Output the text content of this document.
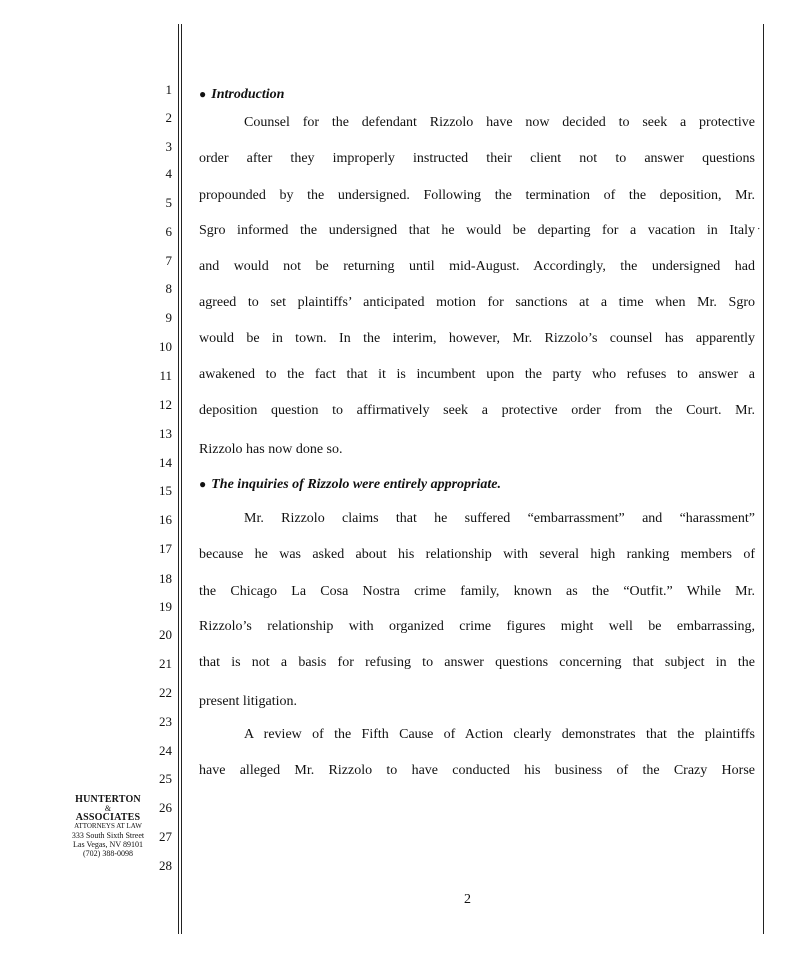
1
2
3
4
5
6
7
8
9
10
11
12
13
14
15
16
17
18
19
20
21
22
23
24
25
26
27
28
● Introduction
Counsel for the defendant Rizzolo have now decided to seek a protective
order after they improperly instructed their client not to answer questions
propounded by the undersigned. Following the termination of the deposition, Mr.
Sgro informed the undersigned that he would be departing for a vacation in Italy
and would not be returning until mid-August. Accordingly, the undersigned had
agreed to set plaintiffs’ anticipated motion for sanctions at a time when Mr. Sgro
would be in town. In the interim, however, Mr. Rizzolo’s counsel has apparently
awakened to the fact that it is incumbent upon the party who refuses to answer a
deposition question to affirmatively seek a protective order from the Court. Mr.
Rizzolo has now done so.
⋅
● The inquiries of Rizzolo were entirely appropriate.
Mr. Rizzolo claims that he suffered “embarrassment” and “harassment”
because he was asked about his relationship with several high ranking members of
the Chicago La Cosa Nostra crime family, known as the “Outfit.” While Mr.
Rizzolo’s relationship with organized crime figures might well be embarrassing,
that is not a basis for refusing to answer questions concerning that subject in the
present litigation.
A review of the Fifth Cause of Action clearly demonstrates that the plaintiffs
have alleged Mr. Rizzolo to have conducted his business of the Crazy Horse
HUNTERTON
&
ASSOCIATES
ATTORNEYS AT LAW
333 South Sixth Street
Las Vegas, NV 89101
(702) 388-0098
2
